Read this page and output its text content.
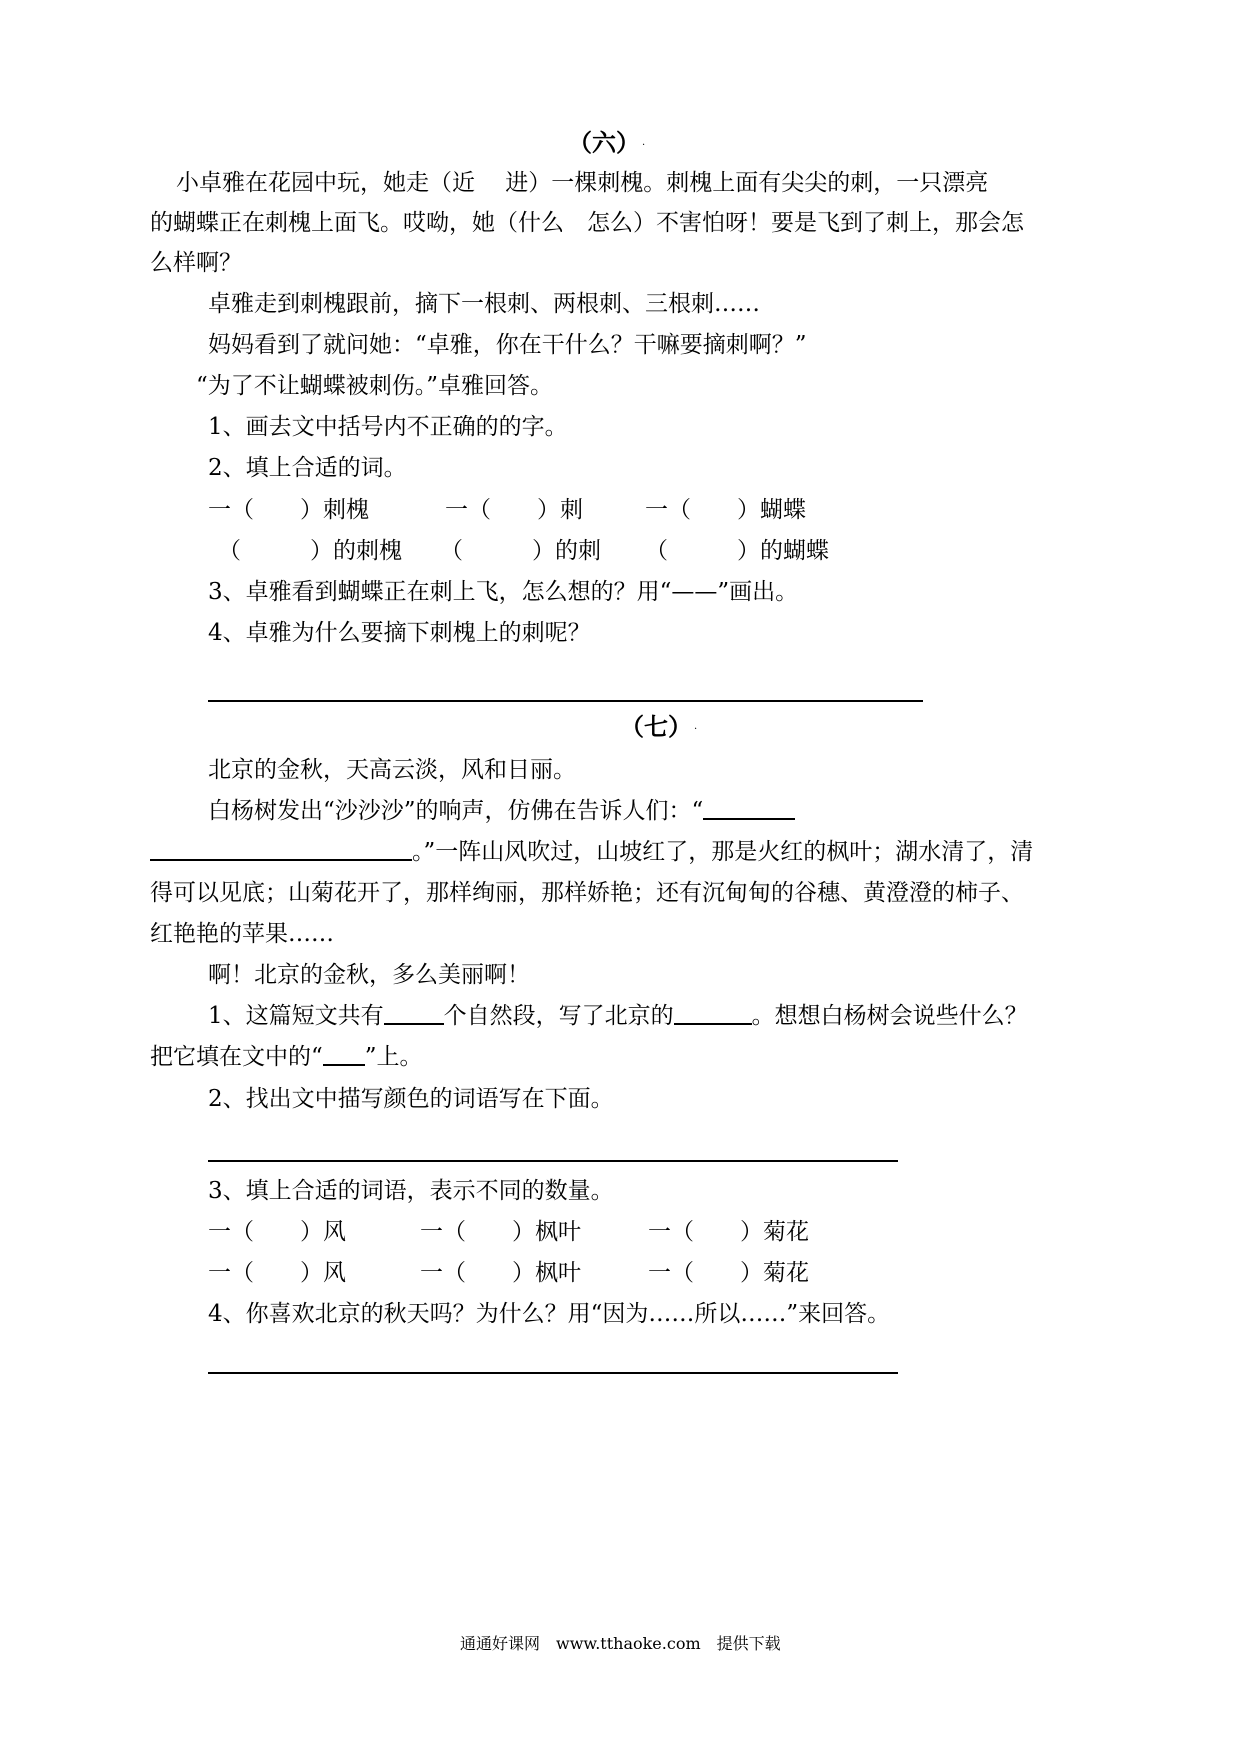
（六） .
小卓雅在花园中玩，她走（近　 进）一棵刺槐。刺槐上面有尖尖的刺，一只漂亮
的蝴蝶正在刺槐上面飞。哎呦，她（什么　怎么）不害怕呀！要是飞到了刺上，那会怎
么样啊？
卓雅走到刺槐跟前，摘下一根刺、两根刺、三根刺……
妈妈看到了就问她：“卓雅，你在干什么？干嘛要摘刺啊？”
“为了不让蝴蝶被刺伤。”卓雅回答。
1、画去文中括号内不正确的的字。
2、填上合适的词。
一（　　）刺槐	一（　　）刺	一（　　）蝴蝶
（　　　）的刺槐 （　　　）的刺 （　　　）的蝴蝶
3、卓雅看到蝴蝶正在刺上飞，怎么想的？用“——”画出。
4、卓雅为什么要摘下刺槐上的刺呢？
（七） .
北京的金秋，天高云淡，风和日丽。
白杨树发出“沙沙沙”的响声，仿佛在告诉人们：“
。”一阵山风吹过，山坡红了，那是火红的枫叶；湖水清了，清
得可以见底；山菊花开了，那样绚丽，那样娇艳；还有沉甸甸的谷穗、黄澄澄的柿子、
红艳艳的苹果……
啊！北京的金秋，多么美丽啊！
1、这篇短文共有	个自然段，写了北京的	。想想白杨树会说些什么？
把它填在文中的“ ”上。
2、找出文中描写颜色的词语写在下面。
3、填上合适的词语，表示不同的数量。
一（　　）风	一（　　）枫叶	一（　　）菊花
一（　　）风	一（　　）枫叶	一（　　）菊花
4、你喜欢北京的秋天吗？为什么？用“因为……所以……”来回答。
通通好课网　www.tthaoke.com　提供下载
